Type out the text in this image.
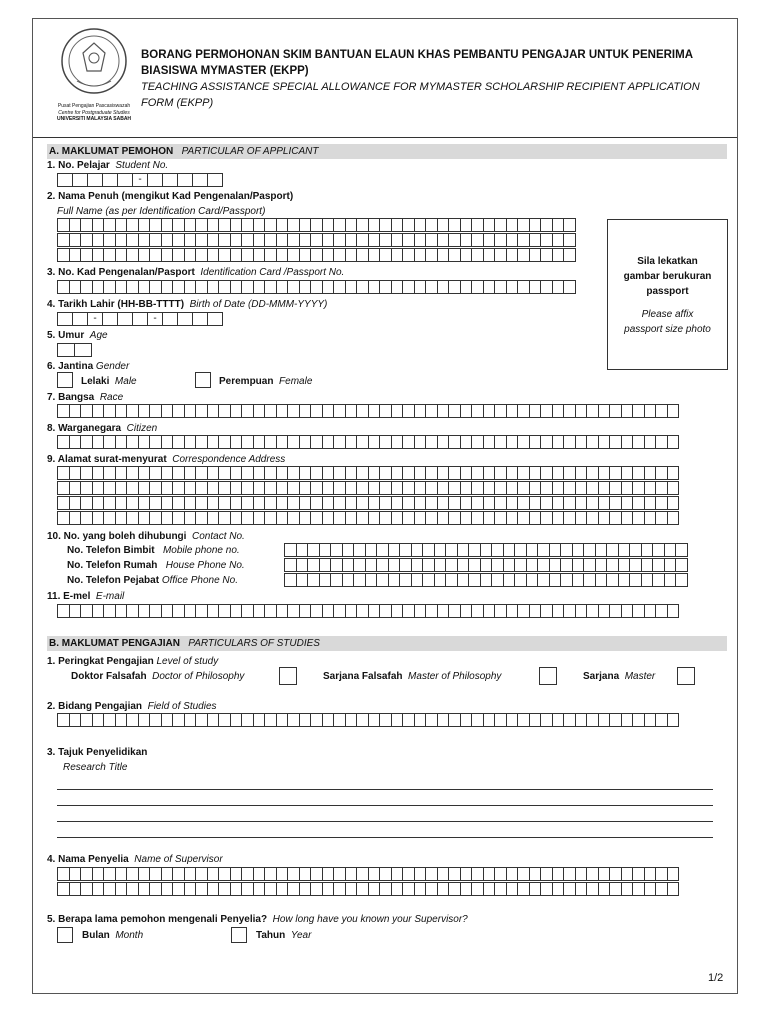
Pusat Pengajian Pascasiswazah
Centre for Postgraduate Studies
UNIVERSITI MALAYSIA SABAH
BORANG PERMOHONAN SKIM BANTUAN ELAUN KHAS PEMBANTU PENGAJAR UNTUK PENERIMA
BIASISWA MYMASTER (EKPP)
TEACHING ASSISTANCE SPECIAL ALLOWANCE FOR MYMASTER SCHOLARSHIP RECIPIENT APPLICATION
FORM (EKPP)
A. MAKLUMAT PEMOHON PARTICULAR OF APPLICANT
1. No. Pelajar Student No.
-
2. Nama Penuh (mengikut Kad Pengenalan/Pasport)
Full Name (as per Identification Card/Passport)
3. No. Kad Pengenalan/Pasport Identification Card /Passport No.
4. Tarikh Lahir (HH-BB-TTTT) Birth of Date (DD-MMM-YYYY)
-	-
5. Umur Age
6. Jantina Gender
Lelaki Male	Perempuan Female
7. Bangsa Race
8. Warganegara Citizen
9. Alamat surat-menyurat Correspondence Address
10. No. yang boleh dihubungi Contact No.
No. Telefon Bimbit Mobile phone no.
No. Telefon Rumah House Phone No.
No. Telefon Pejabat Office Phone No.
11. E-mel E-mail
Sila lekatkan
gambar berukuran
passport
Please affix
passport size photo
B. MAKLUMAT PENGAJIAN PARTICULARS OF STUDIES
1. Peringkat Pengajian Level of study
Doktor Falsafah Doctor of Philosophy	Sarjana Falsafah Master of Philosophy	Sarjana Master
2. Bidang Pengajian Field of Studies
3. Tajuk Penyelidikan
Research Title
4. Nama Penyelia Name of Supervisor
5. Berapa lama pemohon mengenali Penyelia? How long have you known your Supervisor?
Bulan Month	Tahun Year
1/2
